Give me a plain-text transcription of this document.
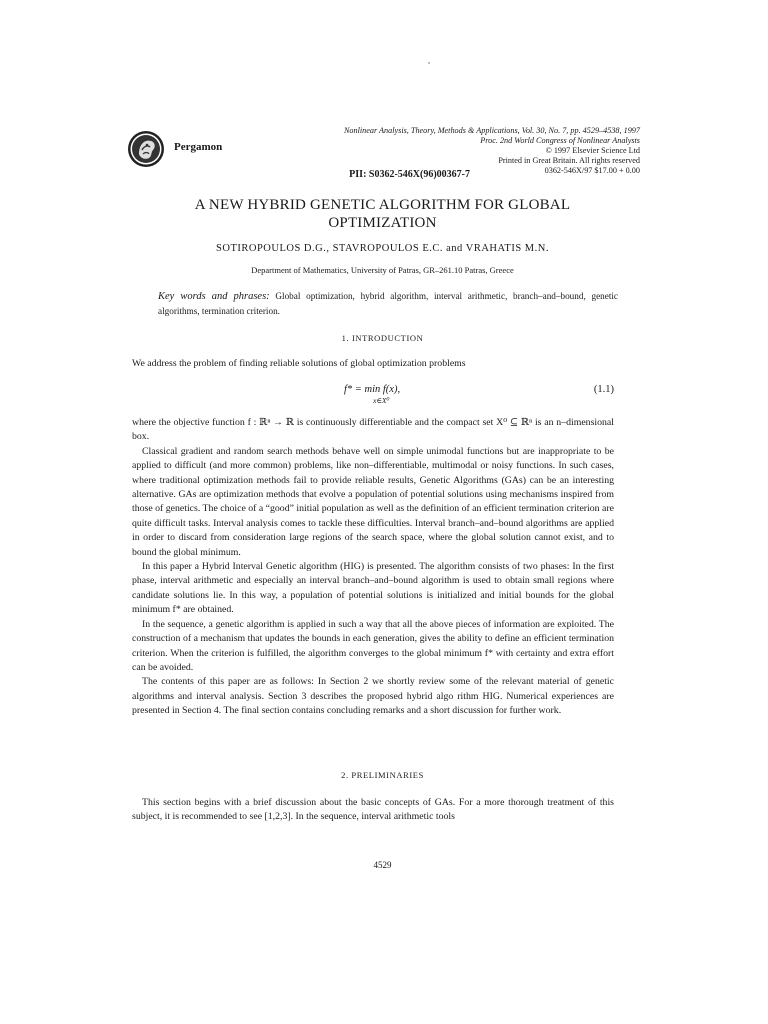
Pergamon
Nonlinear Analysis, Theory, Methods & Applications, Vol. 30, No. 7, pp. 4529–4538, 1997
Proc. 2nd World Congress of Nonlinear Analysts
© 1997 Elsevier Science Ltd
Printed in Great Britain. All rights reserved
0362-546X/97 $17.00 + 0.00
PII: S0362-546X(96)00367-7
A NEW HYBRID GENETIC ALGORITHM FOR GLOBAL
OPTIMIZATION
SOTIROPOULOS D.G., STAVROPOULOS E.C. and VRAHATIS M.N.
Department of Mathematics, University of Patras, GR–261.10 Patras, Greece
Key words and phrases: Global optimization, hybrid algorithm, interval arithmetic, branch–and–bound, genetic algorithms, termination criterion.
1. INTRODUCTION

We address the problem of finding reliable solutions of global optimization problems

f* = min f(x),
x∈X⁰
(1.1)

where the objective function f : ℝⁿ → ℝ is continuously differentiable and the compact set X⁰ ⊆ ℝⁿ is an n–dimensional box.

Classical gradient and random search methods behave well on simple unimodal functions but are inappropriate to be applied to difficult (and more common) problems, like non–differentiable, multimodal or noisy functions. In such cases, where traditional optimization methods fail to provide reliable results, Genetic Algorithms (GAs) can be an interesting alternative. GAs are optimization methods that evolve a population of potential solutions using mechanisms inspired from those of genetics. The choice of a “good” initial population as well as the definition of an efficient termination criterion are quite difficult tasks. Interval analysis comes to tackle these difficulties. Interval branch–and–bound algorithms are applied in order to discard from consideration large regions of the search space, where the global solution cannot exist, and to bound the global minimum.

In this paper a Hybrid Interval Genetic algorithm (HIG) is presented. The algorithm consists of two phases: In the first phase, interval arithmetic and especially an interval branch–and–bound algorithm is used to obtain small regions where candidate solutions lie. In this way, a population of potential solutions is initialized and initial bounds for the global minimum f* are obtained.

In the sequence, a genetic algorithm is applied in such a way that all the above pieces of information are exploited. The construction of a mechanism that updates the bounds in each generation, gives the ability to define an efficient termination criterion. When the criterion is fulfilled, the algorithm converges to the global minimum f* with certainty and extra effort can be avoided.

The contents of this paper are as follows: In Section 2 we shortly review some of the relevant material of genetic algorithms and interval analysis. Section 3 describes the proposed hybrid algo rithm HIG. Numerical experiences are presented in Section 4. The final section contains concluding remarks and a short discussion for further work.

2. PRELIMINARIES

This section begins with a brief discussion about the basic concepts of GAs. For a more thorough treatment of this subject, it is recommended to see [1,2,3]. In the sequence, interval arithmetic tools

4529
